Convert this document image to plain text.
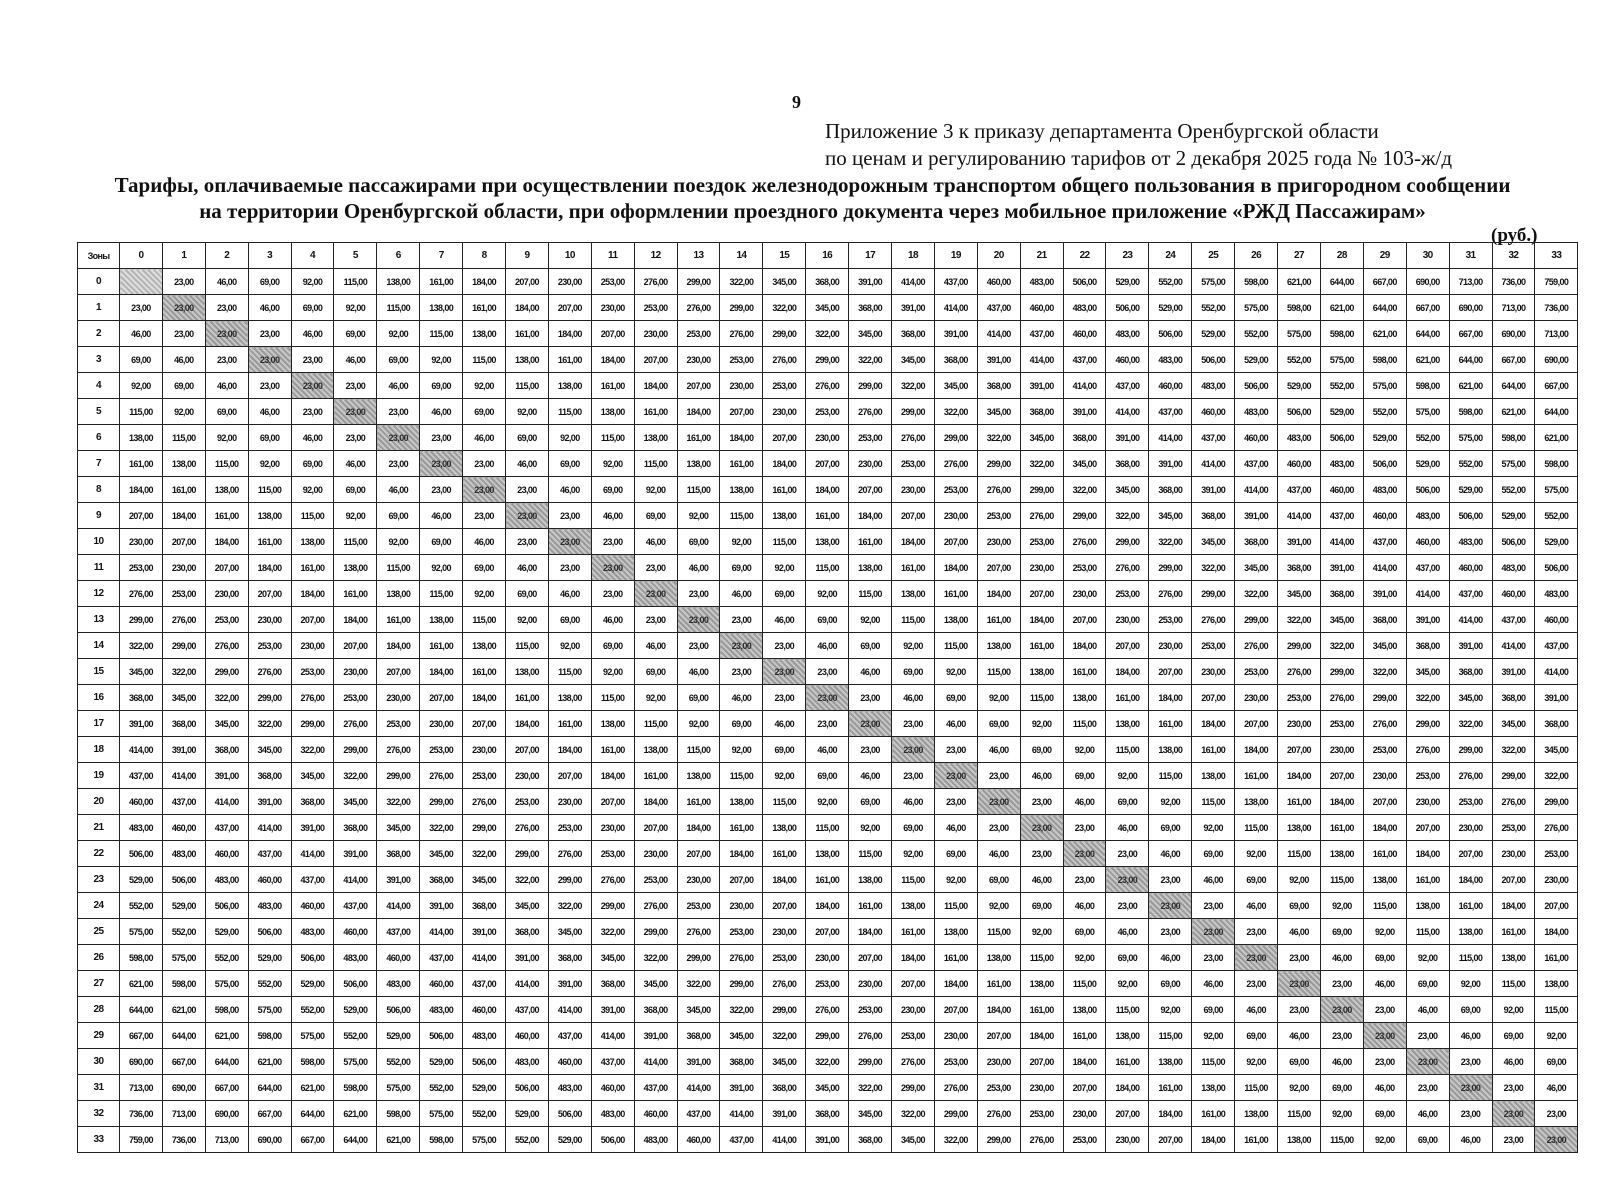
9
Приложение 3 к приказу департамента Оренбургской области
по ценам и регулированию тарифов от 2 декабря 2025 года № 103-ж/д
Тарифы, оплачиваемые пассажирами при осуществлении поездок железнодорожным транспортом общего пользования в пригородном сообщении
на территории Оренбургской области, при оформлении проездного документа через мобильное приложение «РЖД Пассажирам»
(руб.)
Зоны	0	1	2	3	4	5	6	7	8	9	10	11	12	13	14	15	16	17	18	19	20	21	22	23	24	25	26	27	28	29	30	31	32	33
0		23,00	46,00	69,00	92,00	115,00	138,00	161,00	184,00	207,00	230,00	253,00	276,00	299,00	322,00	345,00	368,00	391,00	414,00	437,00	460,00	483,00	506,00	529,00	552,00	575,00	598,00	621,00	644,00	667,00	690,00	713,00	736,00	759,00
1	23,00	23,00	23,00	46,00	69,00	92,00	115,00	138,00	161,00	184,00	207,00	230,00	253,00	276,00	299,00	322,00	345,00	368,00	391,00	414,00	437,00	460,00	483,00	506,00	529,00	552,00	575,00	598,00	621,00	644,00	667,00	690,00	713,00	736,00
2	46,00	23,00	23,00	23,00	46,00	69,00	92,00	115,00	138,00	161,00	184,00	207,00	230,00	253,00	276,00	299,00	322,00	345,00	368,00	391,00	414,00	437,00	460,00	483,00	506,00	529,00	552,00	575,00	598,00	621,00	644,00	667,00	690,00	713,00
3	69,00	46,00	23,00	23,00	23,00	46,00	69,00	92,00	115,00	138,00	161,00	184,00	207,00	230,00	253,00	276,00	299,00	322,00	345,00	368,00	391,00	414,00	437,00	460,00	483,00	506,00	529,00	552,00	575,00	598,00	621,00	644,00	667,00	690,00
4	92,00	69,00	46,00	23,00	23,00	23,00	46,00	69,00	92,00	115,00	138,00	161,00	184,00	207,00	230,00	253,00	276,00	299,00	322,00	345,00	368,00	391,00	414,00	437,00	460,00	483,00	506,00	529,00	552,00	575,00	598,00	621,00	644,00	667,00
5	115,00	92,00	69,00	46,00	23,00	23,00	23,00	46,00	69,00	92,00	115,00	138,00	161,00	184,00	207,00	230,00	253,00	276,00	299,00	322,00	345,00	368,00	391,00	414,00	437,00	460,00	483,00	506,00	529,00	552,00	575,00	598,00	621,00	644,00
6	138,00	115,00	92,00	69,00	46,00	23,00	23,00	23,00	46,00	69,00	92,00	115,00	138,00	161,00	184,00	207,00	230,00	253,00	276,00	299,00	322,00	345,00	368,00	391,00	414,00	437,00	460,00	483,00	506,00	529,00	552,00	575,00	598,00	621,00
7	161,00	138,00	115,00	92,00	69,00	46,00	23,00	23,00	23,00	46,00	69,00	92,00	115,00	138,00	161,00	184,00	207,00	230,00	253,00	276,00	299,00	322,00	345,00	368,00	391,00	414,00	437,00	460,00	483,00	506,00	529,00	552,00	575,00	598,00
8	184,00	161,00	138,00	115,00	92,00	69,00	46,00	23,00	23,00	23,00	46,00	69,00	92,00	115,00	138,00	161,00	184,00	207,00	230,00	253,00	276,00	299,00	322,00	345,00	368,00	391,00	414,00	437,00	460,00	483,00	506,00	529,00	552,00	575,00
9	207,00	184,00	161,00	138,00	115,00	92,00	69,00	46,00	23,00	23,00	23,00	46,00	69,00	92,00	115,00	138,00	161,00	184,00	207,00	230,00	253,00	276,00	299,00	322,00	345,00	368,00	391,00	414,00	437,00	460,00	483,00	506,00	529,00	552,00
10	230,00	207,00	184,00	161,00	138,00	115,00	92,00	69,00	46,00	23,00	23,00	23,00	46,00	69,00	92,00	115,00	138,00	161,00	184,00	207,00	230,00	253,00	276,00	299,00	322,00	345,00	368,00	391,00	414,00	437,00	460,00	483,00	506,00	529,00
11	253,00	230,00	207,00	184,00	161,00	138,00	115,00	92,00	69,00	46,00	23,00	23,00	23,00	46,00	69,00	92,00	115,00	138,00	161,00	184,00	207,00	230,00	253,00	276,00	299,00	322,00	345,00	368,00	391,00	414,00	437,00	460,00	483,00	506,00
12	276,00	253,00	230,00	207,00	184,00	161,00	138,00	115,00	92,00	69,00	46,00	23,00	23,00	23,00	46,00	69,00	92,00	115,00	138,00	161,00	184,00	207,00	230,00	253,00	276,00	299,00	322,00	345,00	368,00	391,00	414,00	437,00	460,00	483,00
13	299,00	276,00	253,00	230,00	207,00	184,00	161,00	138,00	115,00	92,00	69,00	46,00	23,00	23,00	23,00	46,00	69,00	92,00	115,00	138,00	161,00	184,00	207,00	230,00	253,00	276,00	299,00	322,00	345,00	368,00	391,00	414,00	437,00	460,00
14	322,00	299,00	276,00	253,00	230,00	207,00	184,00	161,00	138,00	115,00	92,00	69,00	46,00	23,00	23,00	23,00	46,00	69,00	92,00	115,00	138,00	161,00	184,00	207,00	230,00	253,00	276,00	299,00	322,00	345,00	368,00	391,00	414,00	437,00
15	345,00	322,00	299,00	276,00	253,00	230,00	207,00	184,00	161,00	138,00	115,00	92,00	69,00	46,00	23,00	23,00	23,00	46,00	69,00	92,00	115,00	138,00	161,00	184,00	207,00	230,00	253,00	276,00	299,00	322,00	345,00	368,00	391,00	414,00
16	368,00	345,00	322,00	299,00	276,00	253,00	230,00	207,00	184,00	161,00	138,00	115,00	92,00	69,00	46,00	23,00	23,00	23,00	46,00	69,00	92,00	115,00	138,00	161,00	184,00	207,00	230,00	253,00	276,00	299,00	322,00	345,00	368,00	391,00
17	391,00	368,00	345,00	322,00	299,00	276,00	253,00	230,00	207,00	184,00	161,00	138,00	115,00	92,00	69,00	46,00	23,00	23,00	23,00	46,00	69,00	92,00	115,00	138,00	161,00	184,00	207,00	230,00	253,00	276,00	299,00	322,00	345,00	368,00
18	414,00	391,00	368,00	345,00	322,00	299,00	276,00	253,00	230,00	207,00	184,00	161,00	138,00	115,00	92,00	69,00	46,00	23,00	23,00	23,00	46,00	69,00	92,00	115,00	138,00	161,00	184,00	207,00	230,00	253,00	276,00	299,00	322,00	345,00
19	437,00	414,00	391,00	368,00	345,00	322,00	299,00	276,00	253,00	230,00	207,00	184,00	161,00	138,00	115,00	92,00	69,00	46,00	23,00	23,00	23,00	46,00	69,00	92,00	115,00	138,00	161,00	184,00	207,00	230,00	253,00	276,00	299,00	322,00
20	460,00	437,00	414,00	391,00	368,00	345,00	322,00	299,00	276,00	253,00	230,00	207,00	184,00	161,00	138,00	115,00	92,00	69,00	46,00	23,00	23,00	23,00	46,00	69,00	92,00	115,00	138,00	161,00	184,00	207,00	230,00	253,00	276,00	299,00
21	483,00	460,00	437,00	414,00	391,00	368,00	345,00	322,00	299,00	276,00	253,00	230,00	207,00	184,00	161,00	138,00	115,00	92,00	69,00	46,00	23,00	23,00	23,00	46,00	69,00	92,00	115,00	138,00	161,00	184,00	207,00	230,00	253,00	276,00
22	506,00	483,00	460,00	437,00	414,00	391,00	368,00	345,00	322,00	299,00	276,00	253,00	230,00	207,00	184,00	161,00	138,00	115,00	92,00	69,00	46,00	23,00	23,00	23,00	46,00	69,00	92,00	115,00	138,00	161,00	184,00	207,00	230,00	253,00
23	529,00	506,00	483,00	460,00	437,00	414,00	391,00	368,00	345,00	322,00	299,00	276,00	253,00	230,00	207,00	184,00	161,00	138,00	115,00	92,00	69,00	46,00	23,00	23,00	23,00	46,00	69,00	92,00	115,00	138,00	161,00	184,00	207,00	230,00
24	552,00	529,00	506,00	483,00	460,00	437,00	414,00	391,00	368,00	345,00	322,00	299,00	276,00	253,00	230,00	207,00	184,00	161,00	138,00	115,00	92,00	69,00	46,00	23,00	23,00	23,00	46,00	69,00	92,00	115,00	138,00	161,00	184,00	207,00
25	575,00	552,00	529,00	506,00	483,00	460,00	437,00	414,00	391,00	368,00	345,00	322,00	299,00	276,00	253,00	230,00	207,00	184,00	161,00	138,00	115,00	92,00	69,00	46,00	23,00	23,00	23,00	46,00	69,00	92,00	115,00	138,00	161,00	184,00
26	598,00	575,00	552,00	529,00	506,00	483,00	460,00	437,00	414,00	391,00	368,00	345,00	322,00	299,00	276,00	253,00	230,00	207,00	184,00	161,00	138,00	115,00	92,00	69,00	46,00	23,00	23,00	23,00	46,00	69,00	92,00	115,00	138,00	161,00
27	621,00	598,00	575,00	552,00	529,00	506,00	483,00	460,00	437,00	414,00	391,00	368,00	345,00	322,00	299,00	276,00	253,00	230,00	207,00	184,00	161,00	138,00	115,00	92,00	69,00	46,00	23,00	23,00	23,00	46,00	69,00	92,00	115,00	138,00
28	644,00	621,00	598,00	575,00	552,00	529,00	506,00	483,00	460,00	437,00	414,00	391,00	368,00	345,00	322,00	299,00	276,00	253,00	230,00	207,00	184,00	161,00	138,00	115,00	92,00	69,00	46,00	23,00	23,00	23,00	46,00	69,00	92,00	115,00
29	667,00	644,00	621,00	598,00	575,00	552,00	529,00	506,00	483,00	460,00	437,00	414,00	391,00	368,00	345,00	322,00	299,00	276,00	253,00	230,00	207,00	184,00	161,00	138,00	115,00	92,00	69,00	46,00	23,00	23,00	23,00	46,00	69,00	92,00
30	690,00	667,00	644,00	621,00	598,00	575,00	552,00	529,00	506,00	483,00	460,00	437,00	414,00	391,00	368,00	345,00	322,00	299,00	276,00	253,00	230,00	207,00	184,00	161,00	138,00	115,00	92,00	69,00	46,00	23,00	23,00	23,00	46,00	69,00
31	713,00	690,00	667,00	644,00	621,00	598,00	575,00	552,00	529,00	506,00	483,00	460,00	437,00	414,00	391,00	368,00	345,00	322,00	299,00	276,00	253,00	230,00	207,00	184,00	161,00	138,00	115,00	92,00	69,00	46,00	23,00	23,00	23,00	46,00
32	736,00	713,00	690,00	667,00	644,00	621,00	598,00	575,00	552,00	529,00	506,00	483,00	460,00	437,00	414,00	391,00	368,00	345,00	322,00	299,00	276,00	253,00	230,00	207,00	184,00	161,00	138,00	115,00	92,00	69,00	46,00	23,00	23,00	23,00
33	759,00	736,00	713,00	690,00	667,00	644,00	621,00	598,00	575,00	552,00	529,00	506,00	483,00	460,00	437,00	414,00	391,00	368,00	345,00	322,00	299,00	276,00	253,00	230,00	207,00	184,00	161,00	138,00	115,00	92,00	69,00	46,00	23,00	23,00
